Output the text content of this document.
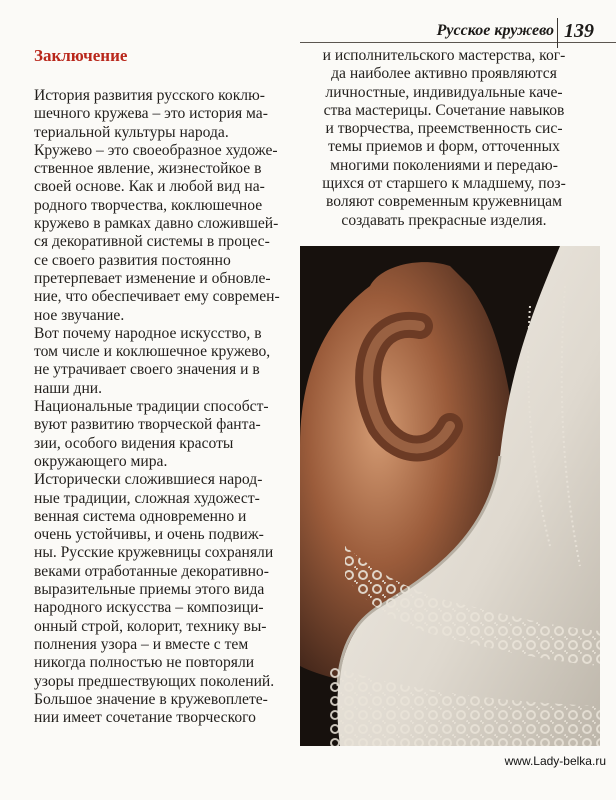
Русское кружево 139
Заключение
История развития русского коклю-
шечного кружева – это история ма-
териальной культуры народа.
Кружево – это своеобразное художе-
ственное явление, жизнестойкое в
своей основе. Как и любой вид на-
родного творчества, коклюшечное
кружево в рамках давно сложившей-
ся декоративной системы в процес-
се своего развития постоянно
претерпевает изменение и обновле-
ние, что обеспечивает ему современ-
ное звучание.
Вот почему народное искусство, в
том числе и коклюшечное кружево,
не утрачивает своего значения и в
наши дни.
Национальные традиции способст-
вуют развитию творческой фанта-
зии, особого видения красоты
окружающего мира.
Исторически сложившиеся народ-
ные традиции, сложная художест-
венная система одновременно и
очень устойчивы, и очень подвиж-
ны. Русские кружевницы сохраняли
веками отработанные декоративно-
выразительные приемы этого вида
народного искусства – композици-
онный строй, колорит, технику вы-
полнения узора – и вместе с тем
никогда полностью не повторяли
узоры предшествующих поколений.
Большое значение в кружевоплете-
нии имеет сочетание творческого
и исполнительского мастерства, ког-
да наиболее активно проявляются
личностные, индивидуальные каче-
ства мастерицы. Сочетание навыков
и творчества, преемственность сис-
темы приемов и форм, отточенных
многими поколениями и передаю-
щихся от старшего к младшему, поз-
воляют современным кружевницам
создавать прекрасные изделия.
www.Lady-belka.ru
